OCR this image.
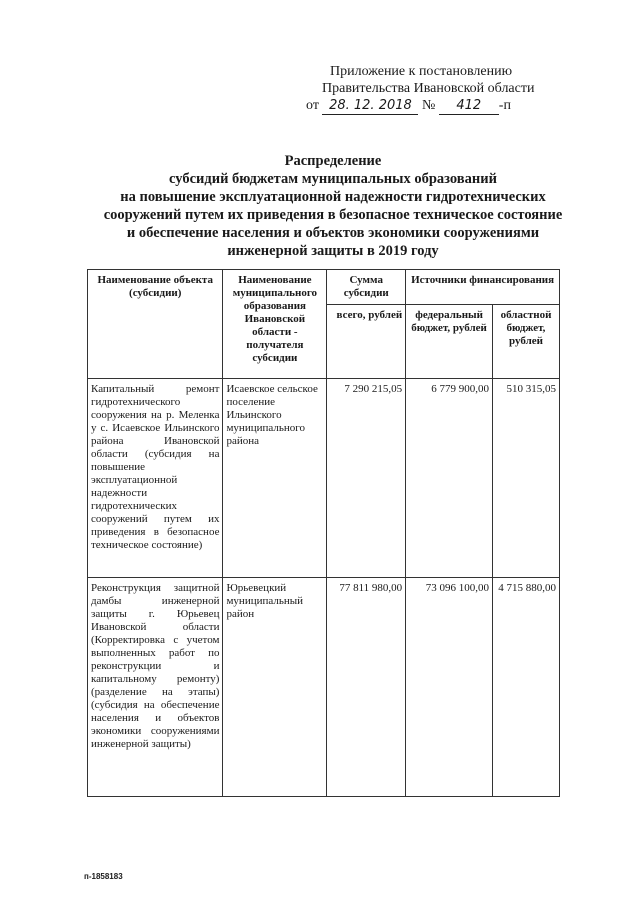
Приложение к постановлению
Правительства Ивановской области
от 28. 12. 2018 № 412 -п
Распределение
субсидий бюджетам муниципальных образований
на повышение эксплуатационной надежности гидротехнических
сооружений путем их приведения в безопасное техническое состояние
и обеспечение населения и объектов экономики сооружениями
инженерной защиты в 2019 году
Наименование объекта (субсидии)	Наименование муниципального образования Ивановской области - получателя субсидии	Сумма субсидии	Источники финансирования	
		всего, рублей	федеральный бюджет, рублей	областной бюджет, рублей
Капитальный ремонт гидротехнического сооружения на р. Меленка у с. Исаевское Ильинского района Ивановской области (субсидия на повышение эксплуатационной надежности гидротехнических сооружений путем их приведения в безопасное техническое состояние)	Исаевское сельское поселение Ильинского муниципального района	7 290 215,05	6 779 900,00	510 315,05
Реконструкция защитной дамбы инженерной защиты г. Юрьевец Ивановской области (Корректировка с учетом выполненных работ по реконструкции и капитальному ремонту) (разделение на этапы) (субсидия на обеспечение населения и объектов экономики сооружениями инженерной защиты)	Юрьевецкий муниципальный район	77 811 980,00	73 096 100,00	4 715 880,00
п-1858183
